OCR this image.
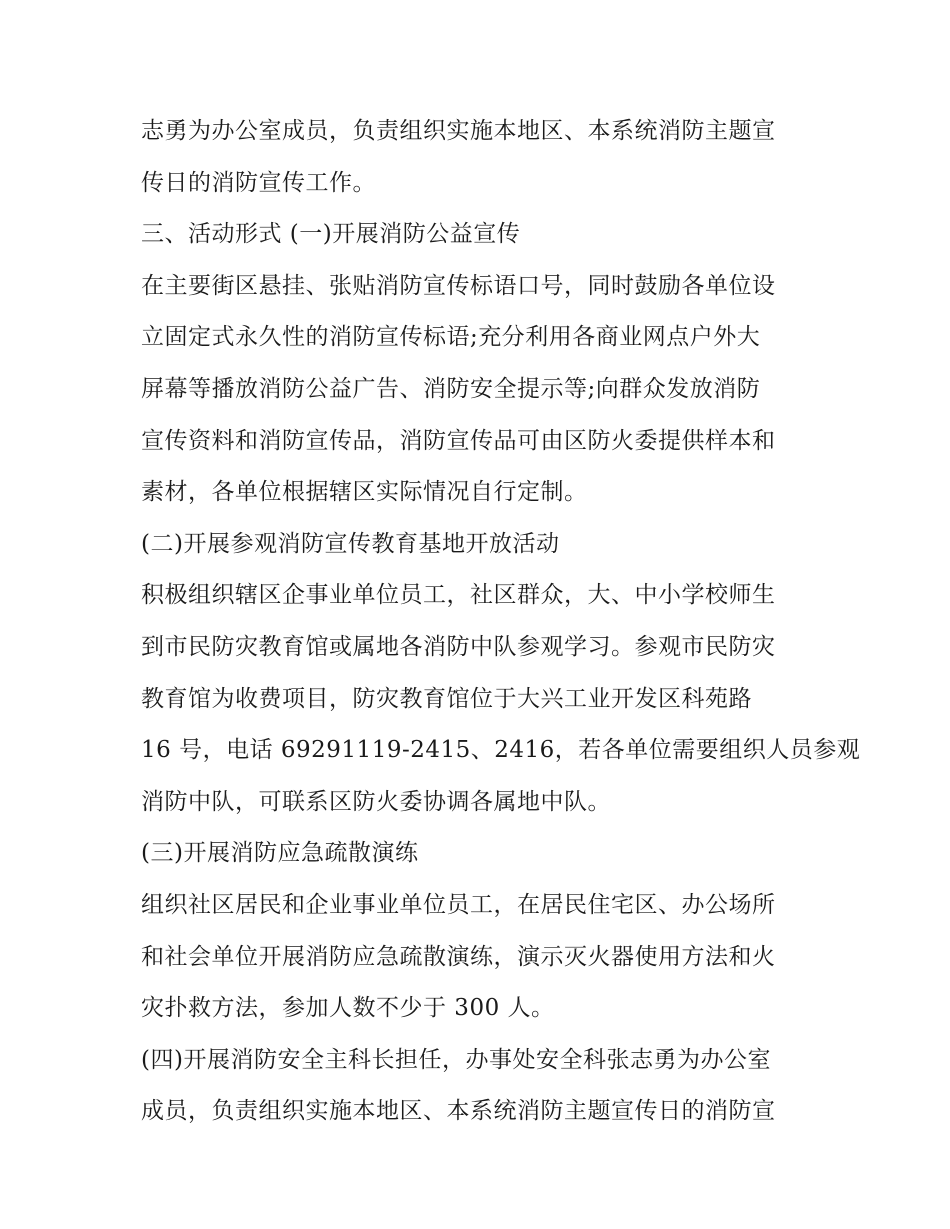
志勇为办公室成员，负责组织实施本地区、本系统消防主题宣
传日的消防宣传工作。
三、活动形式 (一)开展消防公益宣传
在主要街区悬挂、张贴消防宣传标语口号，同时鼓励各单位设
立固定式永久性的消防宣传标语;充分利用各商业网点户外大
屏幕等播放消防公益广告、消防安全提示等;向群众发放消防
宣传资料和消防宣传品，消防宣传品可由区防火委提供样本和
素材，各单位根据辖区实际情况自行定制。
(二)开展参观消防宣传教育基地开放活动
积极组织辖区企事业单位员工，社区群众，大、中小学校师生
到市民防灾教育馆或属地各消防中队参观学习。参观市民防灾
教育馆为收费项目，防灾教育馆位于大兴工业开发区科苑路
16 号，电话 69291119-2415、2416，若各单位需要组织人员参观
消防中队，可联系区防火委协调各属地中队。
(三)开展消防应急疏散演练
组织社区居民和企业事业单位员工，在居民住宅区、办公场所
和社会单位开展消防应急疏散演练，演示灭火器使用方法和火
灾扑救方法，参加人数不少于 300 人。
(四)开展消防安全主科长担任，办事处安全科张志勇为办公室
成员，负责组织实施本地区、本系统消防主题宣传日的消防宣
